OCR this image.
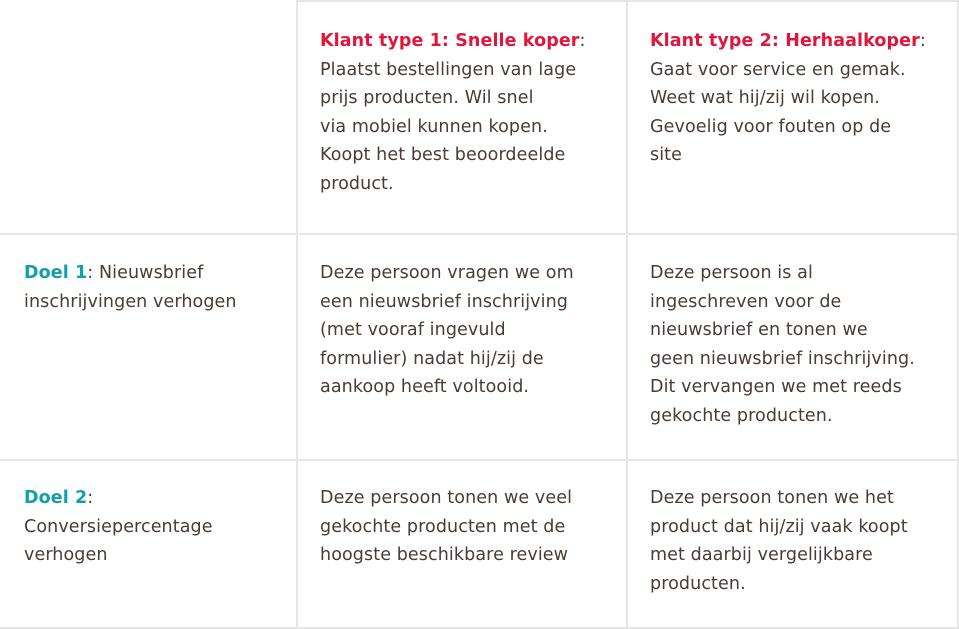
Klant type 1: Snelle koper:
Plaatst bestellingen van lage
prijs producten. Wil snel
via mobiel kunnen kopen.
Koopt het best beoordeelde
product.
Klant type 2: Herhaalkoper:
Gaat voor service en gemak.
Weet wat hij/zij wil kopen.
Gevoelig voor fouten op de
site
Doel 1: Nieuwsbrief
inschrijvingen verhogen
Deze persoon vragen we om
een nieuwsbrief inschrijving
(met vooraf ingevuld
formulier) nadat hij/zij de
aankoop heeft voltooid.
Deze persoon is al
ingeschreven voor de
nieuwsbrief en tonen we
geen nieuwsbrief inschrijving.
Dit vervangen we met reeds
gekochte producten.
Doel 2:
Conversiepercentage
verhogen
Deze persoon tonen we veel
gekochte producten met de
hoogste beschikbare review
Deze persoon tonen we het
product dat hij/zij vaak koopt
met daarbij vergelijkbare
producten.
